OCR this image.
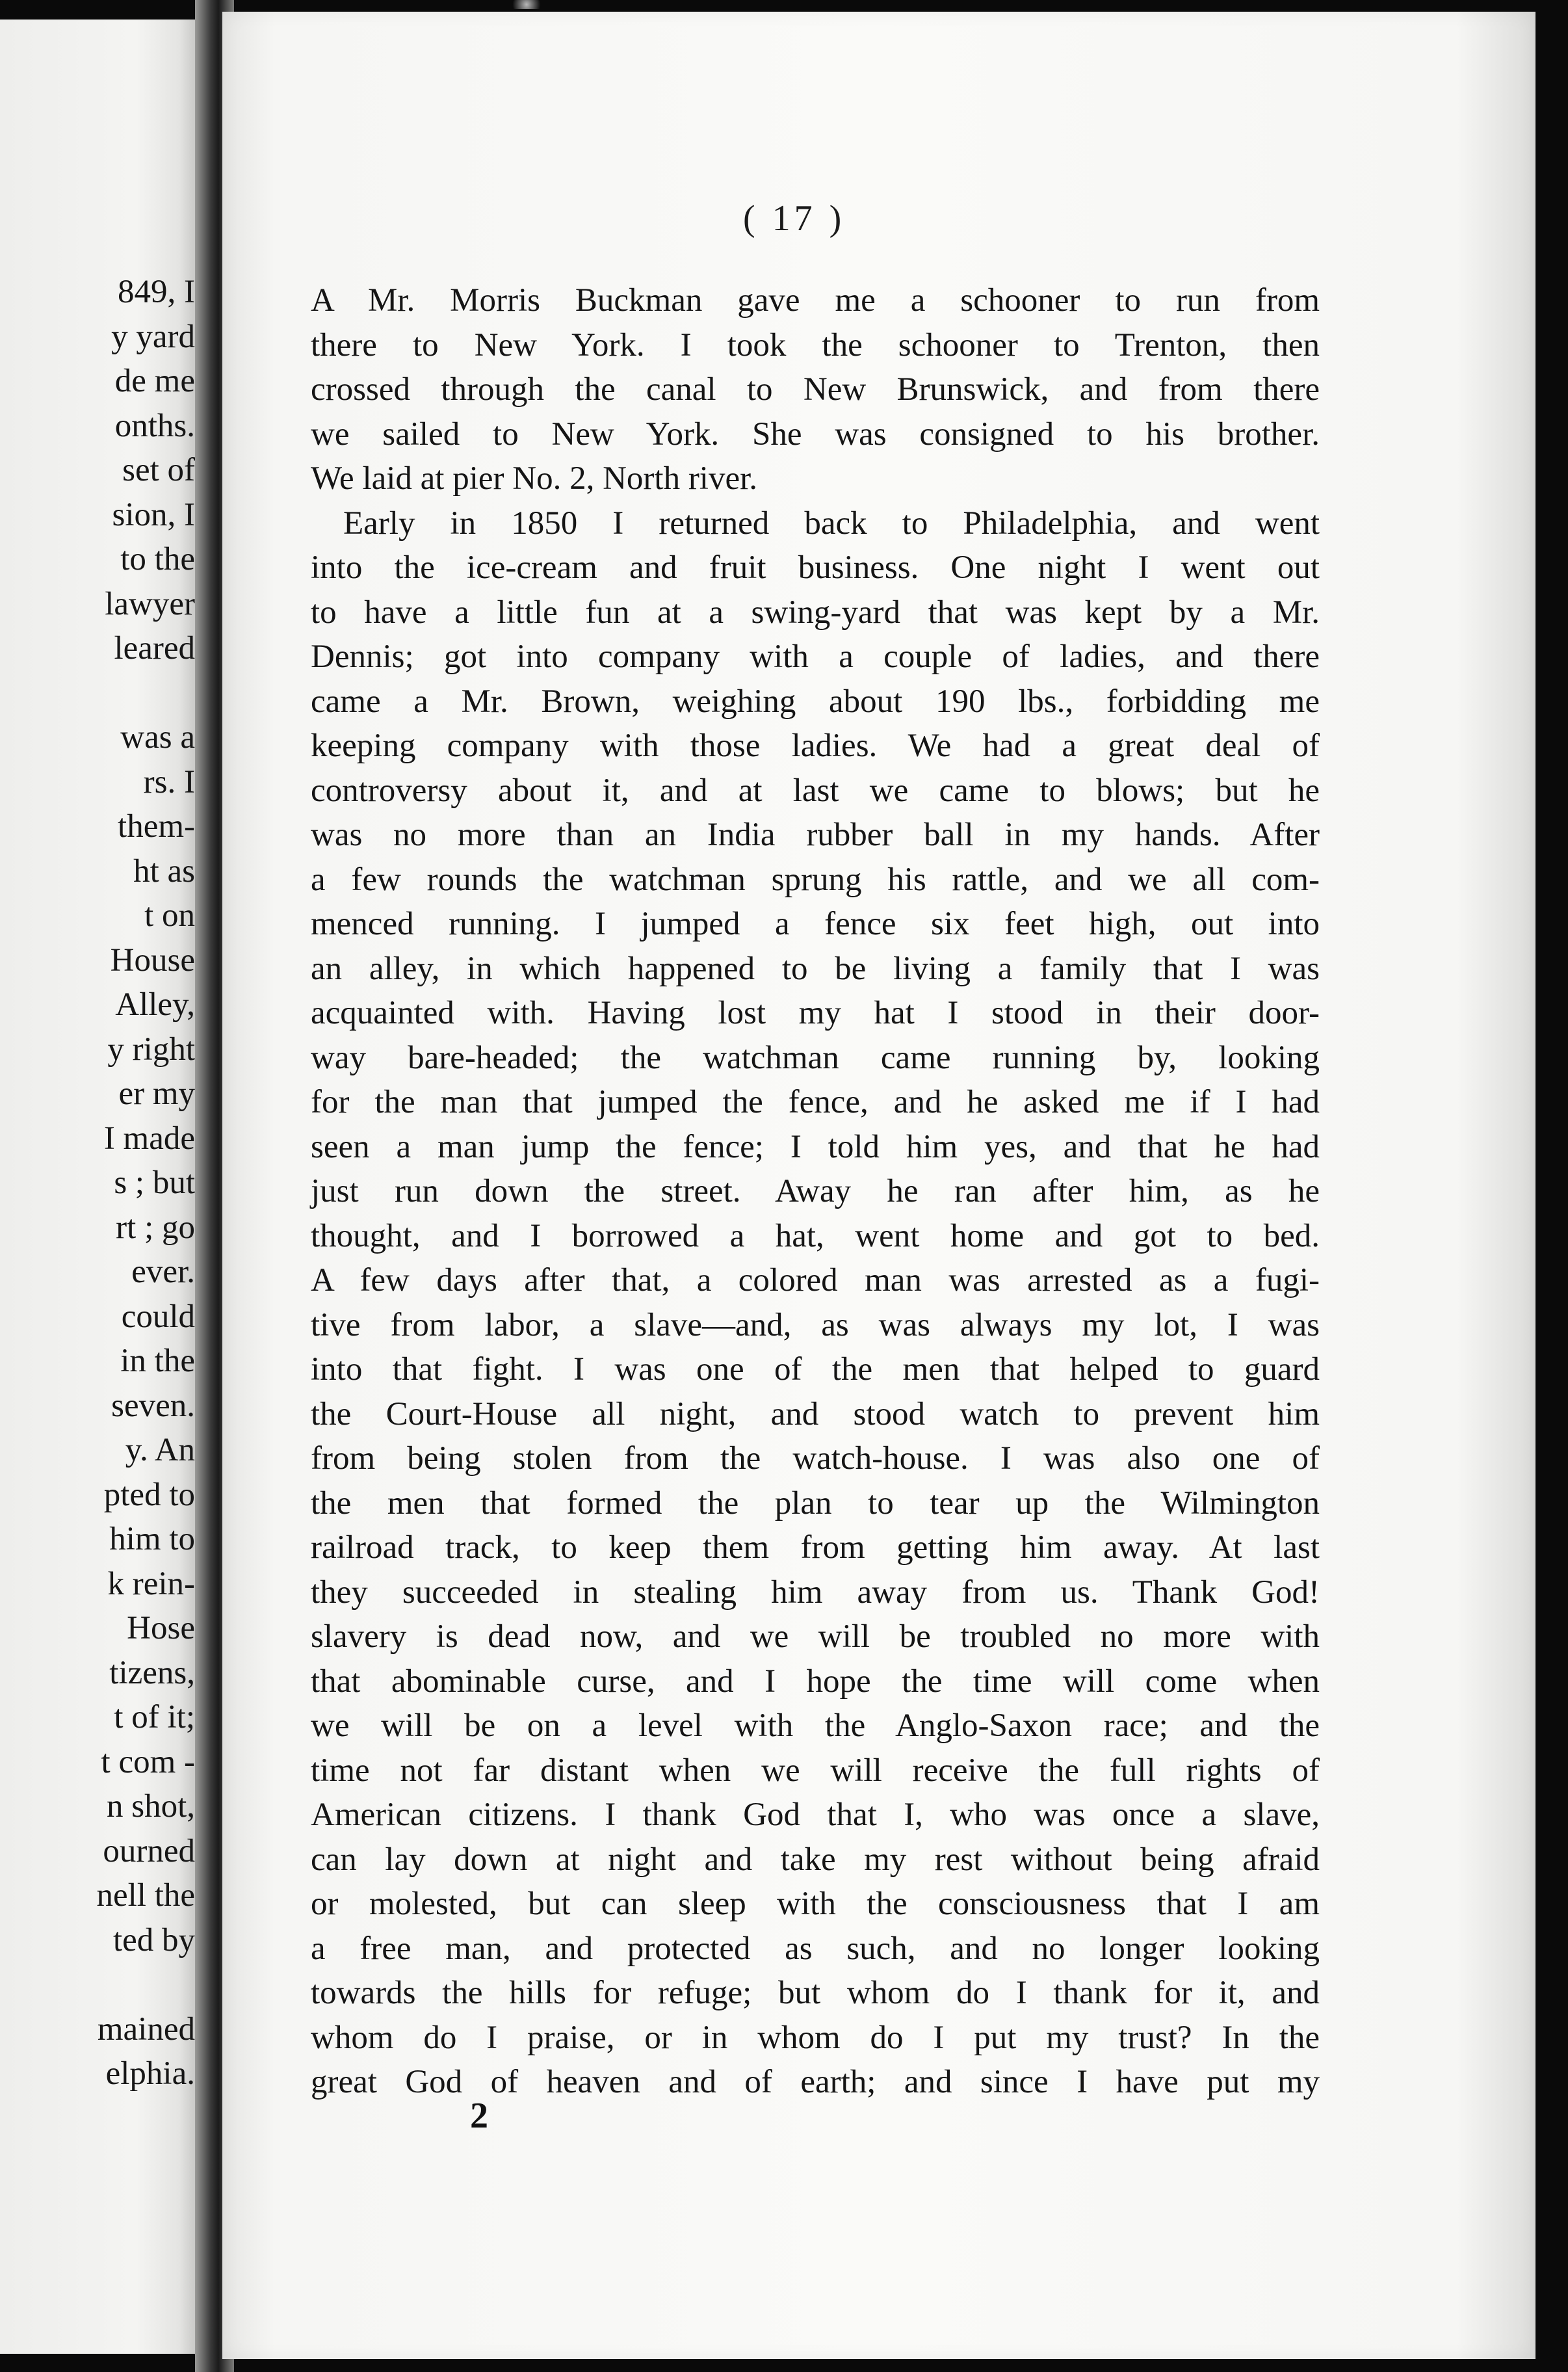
849, I
y yard
de me
onths.
set of
sion, I
to the
lawyer
leared
was a
rs. I
them-
ht as
t on
House
Alley,
y right
er my
I made
s ; but
rt ; go
ever.
could
in the
seven.
y. An
pted to
him to
k rein-
Hose
tizens,
t of it;
t com -
n shot,
ourned
nell the
ted by
mained
elphia.
( 17 )
A Mr. Morris Buckman gave me a schooner to run from
there to New York. I took the schooner to Trenton, then
crossed through the canal to New Brunswick, and from there
we sailed to New York. She was consigned to his brother.
We laid at pier No. 2, North river.
Early in 1850 I returned back to Philadelphia, and went
into the ice-cream and fruit business. One night I went out
to have a little fun at a swing-yard that was kept by a Mr.
Dennis; got into company with a couple of ladies, and there
came a Mr. Brown, weighing about 190 lbs., forbidding me
keeping company with those ladies. We had a great deal of
controversy about it, and at last we came to blows; but he
was no more than an India rubber ball in my hands. After
a few rounds the watchman sprung his rattle, and we all com-
menced running. I jumped a fence six feet high, out into
an alley, in which happened to be living a family that I was
acquainted with. Having lost my hat I stood in their door-
way bare-headed; the watchman came running by, looking
for the man that jumped the fence, and he asked me if I had
seen a man jump the fence; I told him yes, and that he had
just run down the street. Away he ran after him, as he
thought, and I borrowed a hat, went home and got to bed.
A few days after that, a colored man was arrested as a fugi-
tive from labor, a slave—and, as was always my lot, I was
into that fight. I was one of the men that helped to guard
the Court-House all night, and stood watch to prevent him
from being stolen from the watch-house. I was also one of
the men that formed the plan to tear up the Wilmington
railroad track, to keep them from getting him away. At last
they succeeded in stealing him away from us. Thank God!
slavery is dead now, and we will be troubled no more with
that abominable curse, and I hope the time will come when
we will be on a level with the Anglo-Saxon race; and the
time not far distant when we will receive the full rights of
American citizens. I thank God that I, who was once a slave,
can lay down at night and take my rest without being afraid
or molested, but can sleep with the consciousness that I am
a free man, and protected as such, and no longer looking
towards the hills for refuge; but whom do I thank for it, and
whom do I praise, or in whom do I put my trust? In the
great God of heaven and of earth; and since I have put my
2
